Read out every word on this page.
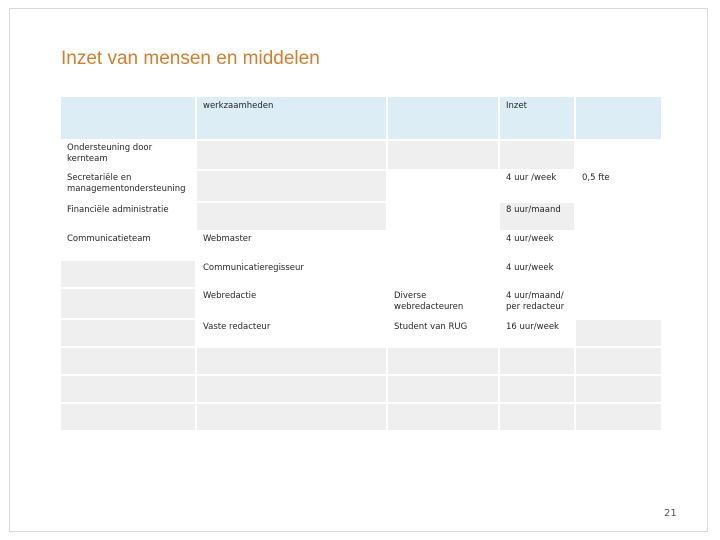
Inzet van mensen en middelen
	werkzaamheden		Inzet	
Ondersteuning door kernteam				
Secretariële en managementondersteuning			4 uur /week	0,5 fte
Financiële administratie			8 uur/maand	
Communicatieteam	Webmaster		4 uur/week	
	Communicatieregisseur		4 uur/week	
	Webredactie	Diverse webredacteuren	4 uur/maand/ per redacteur	
	Vaste redacteur	Student van RUG	16 uur/week	

21
